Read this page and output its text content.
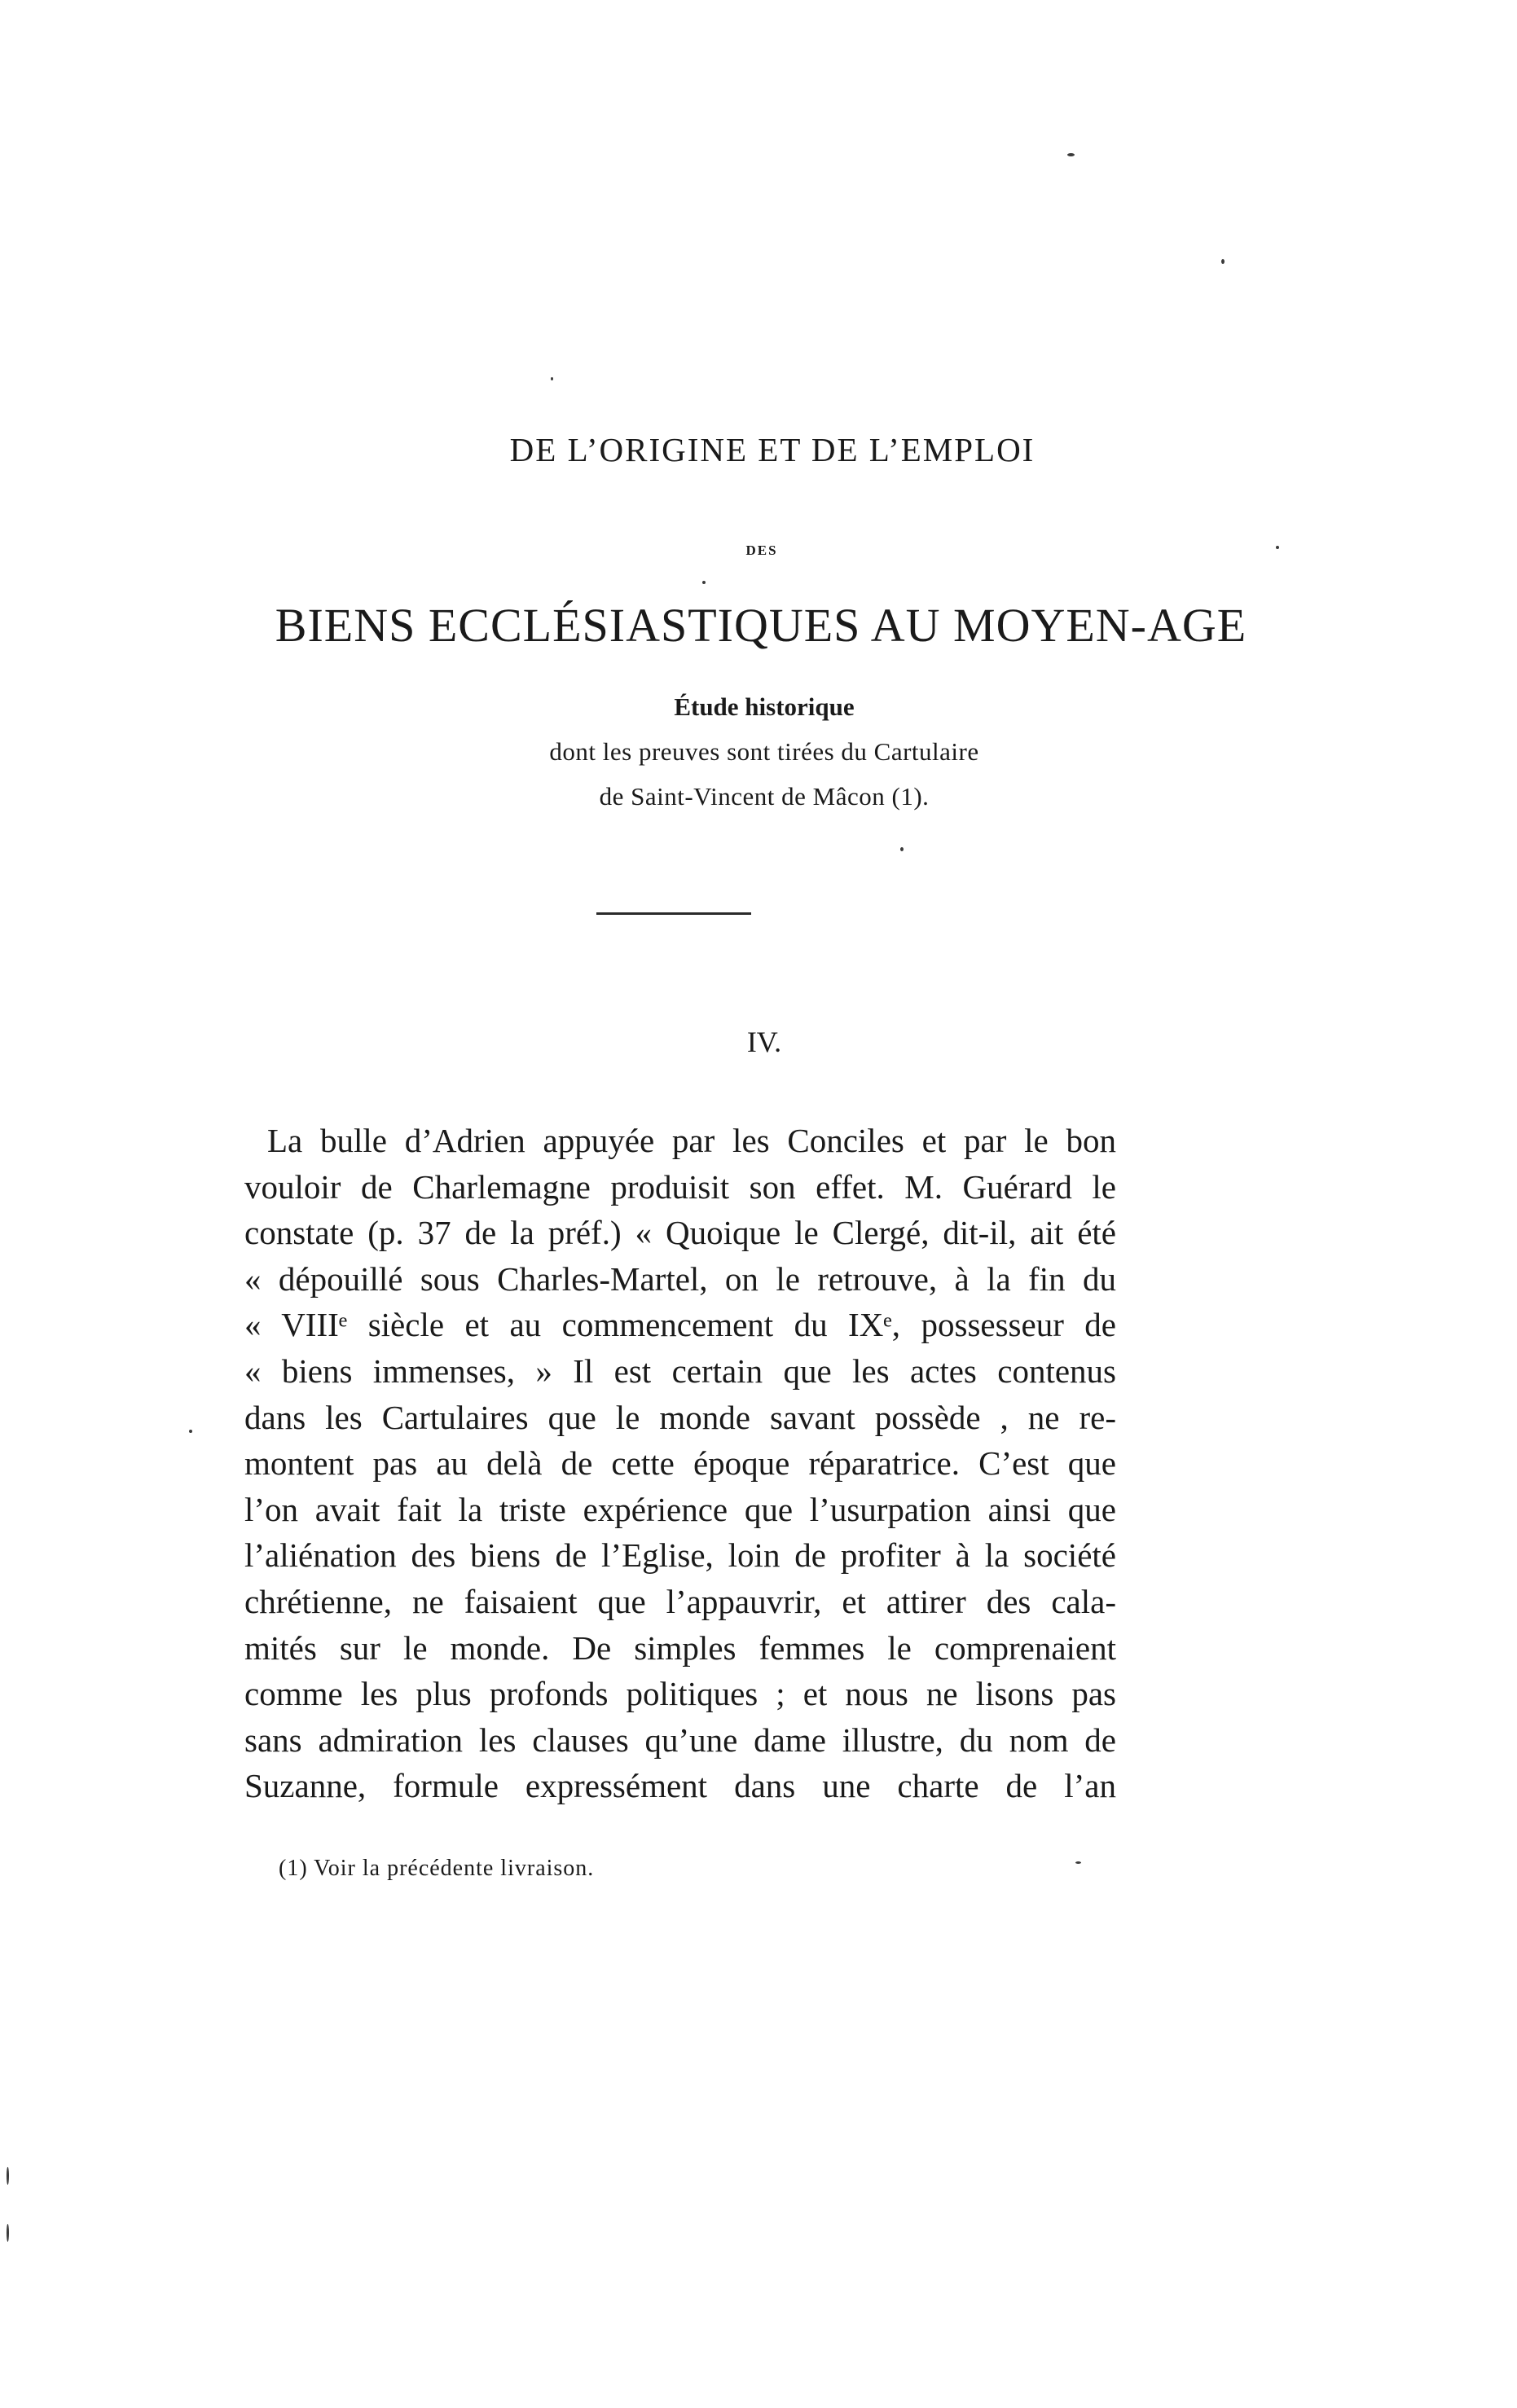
DE L’ORIGINE ET DE L’EMPLOI
DES
BIENS ECCLÉSIASTIQUES AU MOYEN-AGE
Étude historique
dont les preuves sont tirées du Cartulaire
de Saint-Vincent de Mâcon (1).
IV.
La bulle d’Adrien appuyée par les Conciles et par le bon
vouloir de Charlemagne produisit son effet. M. Guérard le
constate (p. 37 de la préf.) « Quoique le Clergé, dit-il, ait été
« dépouillé sous Charles-Martel, on le retrouve, à la fin du
« VIIIᵉ siècle et au commencement du IXᵉ, possesseur de
« biens immenses, » Il est certain que les actes contenus
dans les Cartulaires que le monde savant possède , ne re-
montent pas au delà de cette époque réparatrice. C’est que
l’on avait fait la triste expérience que l’usurpation ainsi que
l’aliénation des biens de l’Eglise, loin de profiter à la société
chrétienne, ne faisaient que l’appauvrir, et attirer des cala-
mités sur le monde. De simples femmes le comprenaient
comme les plus profonds politiques ; et nous ne lisons pas
sans admiration les clauses qu’une dame illustre, du nom de
Suzanne, formule expressément dans une charte de l’an
(1) Voir la précédente livraison.
